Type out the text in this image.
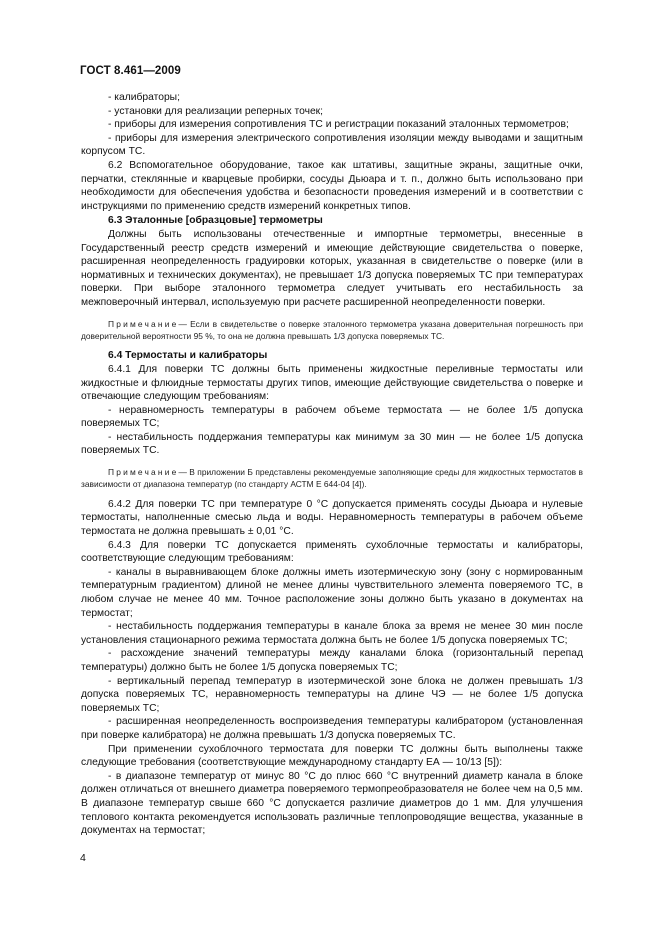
ГОСТ 8.461—2009

- калибраторы;

- установки для реализации реперных точек;

- приборы для измерения сопротивления ТС и регистрации показаний эталонных термометров;

- приборы для измерения электрического сопротивления изоляции между выводами и защитным корпусом ТС.

6.2 Вспомогательное оборудование, такое как штативы, защитные экраны, защитные очки, перчатки, стеклянные и кварцевые пробирки, сосуды Дьюара и т. п., должно быть использовано при необходимости для обеспечения удобства и безопасности проведения измерений и в соответствии с инструкциями по применению средств измерений конкретных типов.

6.3 Эталонные [образцовые] термометры

Должны быть использованы отечественные и импортные термометры, внесенные в Государственный реестр средств измерений и имеющие действующие свидетельства о поверке, расширенная неопределенность градуировки которых, указанная в свидетельстве о поверке (или в нормативных и технических документах), не превышает 1/3 допуска поверяемых ТС при температурах поверки. При выборе эталонного термометра следует учитывать его нестабильность за межповерочный интервал, используемую при расчете расширенной неопределенности поверки.

Примечание— Если в свидетельстве о поверке эталонного термометра указана доверительная погрешность при доверительной вероятности 95 %, то она не должна превышать 1/3 допуска поверяемых ТС.

6.4 Термостаты и калибраторы

6.4.1 Для поверки ТС должны быть применены жидкостные переливные термостаты или жидкостные и флюидные термостаты других типов, имеющие действующие свидетельства о поверке и отвечающие следующим требованиям:

- неравномерность температуры в рабочем объеме термостата — не более 1/5 допуска поверяемых ТС;

- нестабильность поддержания температуры как минимум за 30 мин — не более 1/5 допуска поверяемых ТС.

Примечание— В приложении Б представлены рекомендуемые заполняющие среды для жидкостных термостатов в зависимости от диапазона температур (по стандарту АСТМ Е 644-04 [4]).

6.4.2 Для поверки ТС при температуре 0 °С допускается применять сосуды Дьюара и нулевые термостаты, наполненные смесью льда и воды. Неравномерность температуры в рабочем объеме термостата не должна превышать ± 0,01 °С.

6.4.3 Для поверки ТС допускается применять сухоблочные термостаты и калибраторы, соответствующие следующим требованиям:

- каналы в выравнивающем блоке должны иметь изотермическую зону (зону с нормированным температурным градиентом) длиной не менее длины чувствительного элемента поверяемого ТС, в любом случае не менее 40 мм. Точное расположение зоны должно быть указано в документах на термостат;

- нестабильность поддержания температуры в канале блока за время не менее 30 мин после установления стационарного режима термостата должна быть не более 1/5 допуска поверяемых ТС;

- расхождение значений температуры между каналами блока (горизонтальный перепад температуры) должно быть не более 1/5 допуска поверяемых ТС;

- вертикальный перепад температур в изотермической зоне блока не должен превышать 1/3 допуска поверяемых ТС, неравномерность температуры на длине ЧЭ — не более 1/5 допуска поверяемых ТС;

- расширенная неопределенность воспроизведения температуры калибратором (установленная при поверке калибратора) не должна превышать 1/3 допуска поверяемых ТС.

При применении сухоблочного термостата для поверки ТС должны быть выполнены также следующие требования (соответствующие международному стандарту ЕА — 10/13 [5]):

- в диапазоне температур от минус 80 °С до плюс 660 °С внутренний диаметр канала в блоке должен отличаться от внешнего диаметра поверяемого термопреобразователя не более чем на 0,5 мм. В диапазоне температур свыше 660 °С допускается различие диаметров до 1 мм. Для улучшения теплового контакта рекомендуется использовать различные теплопроводящие вещества, указанные в документах на термостат;

4
